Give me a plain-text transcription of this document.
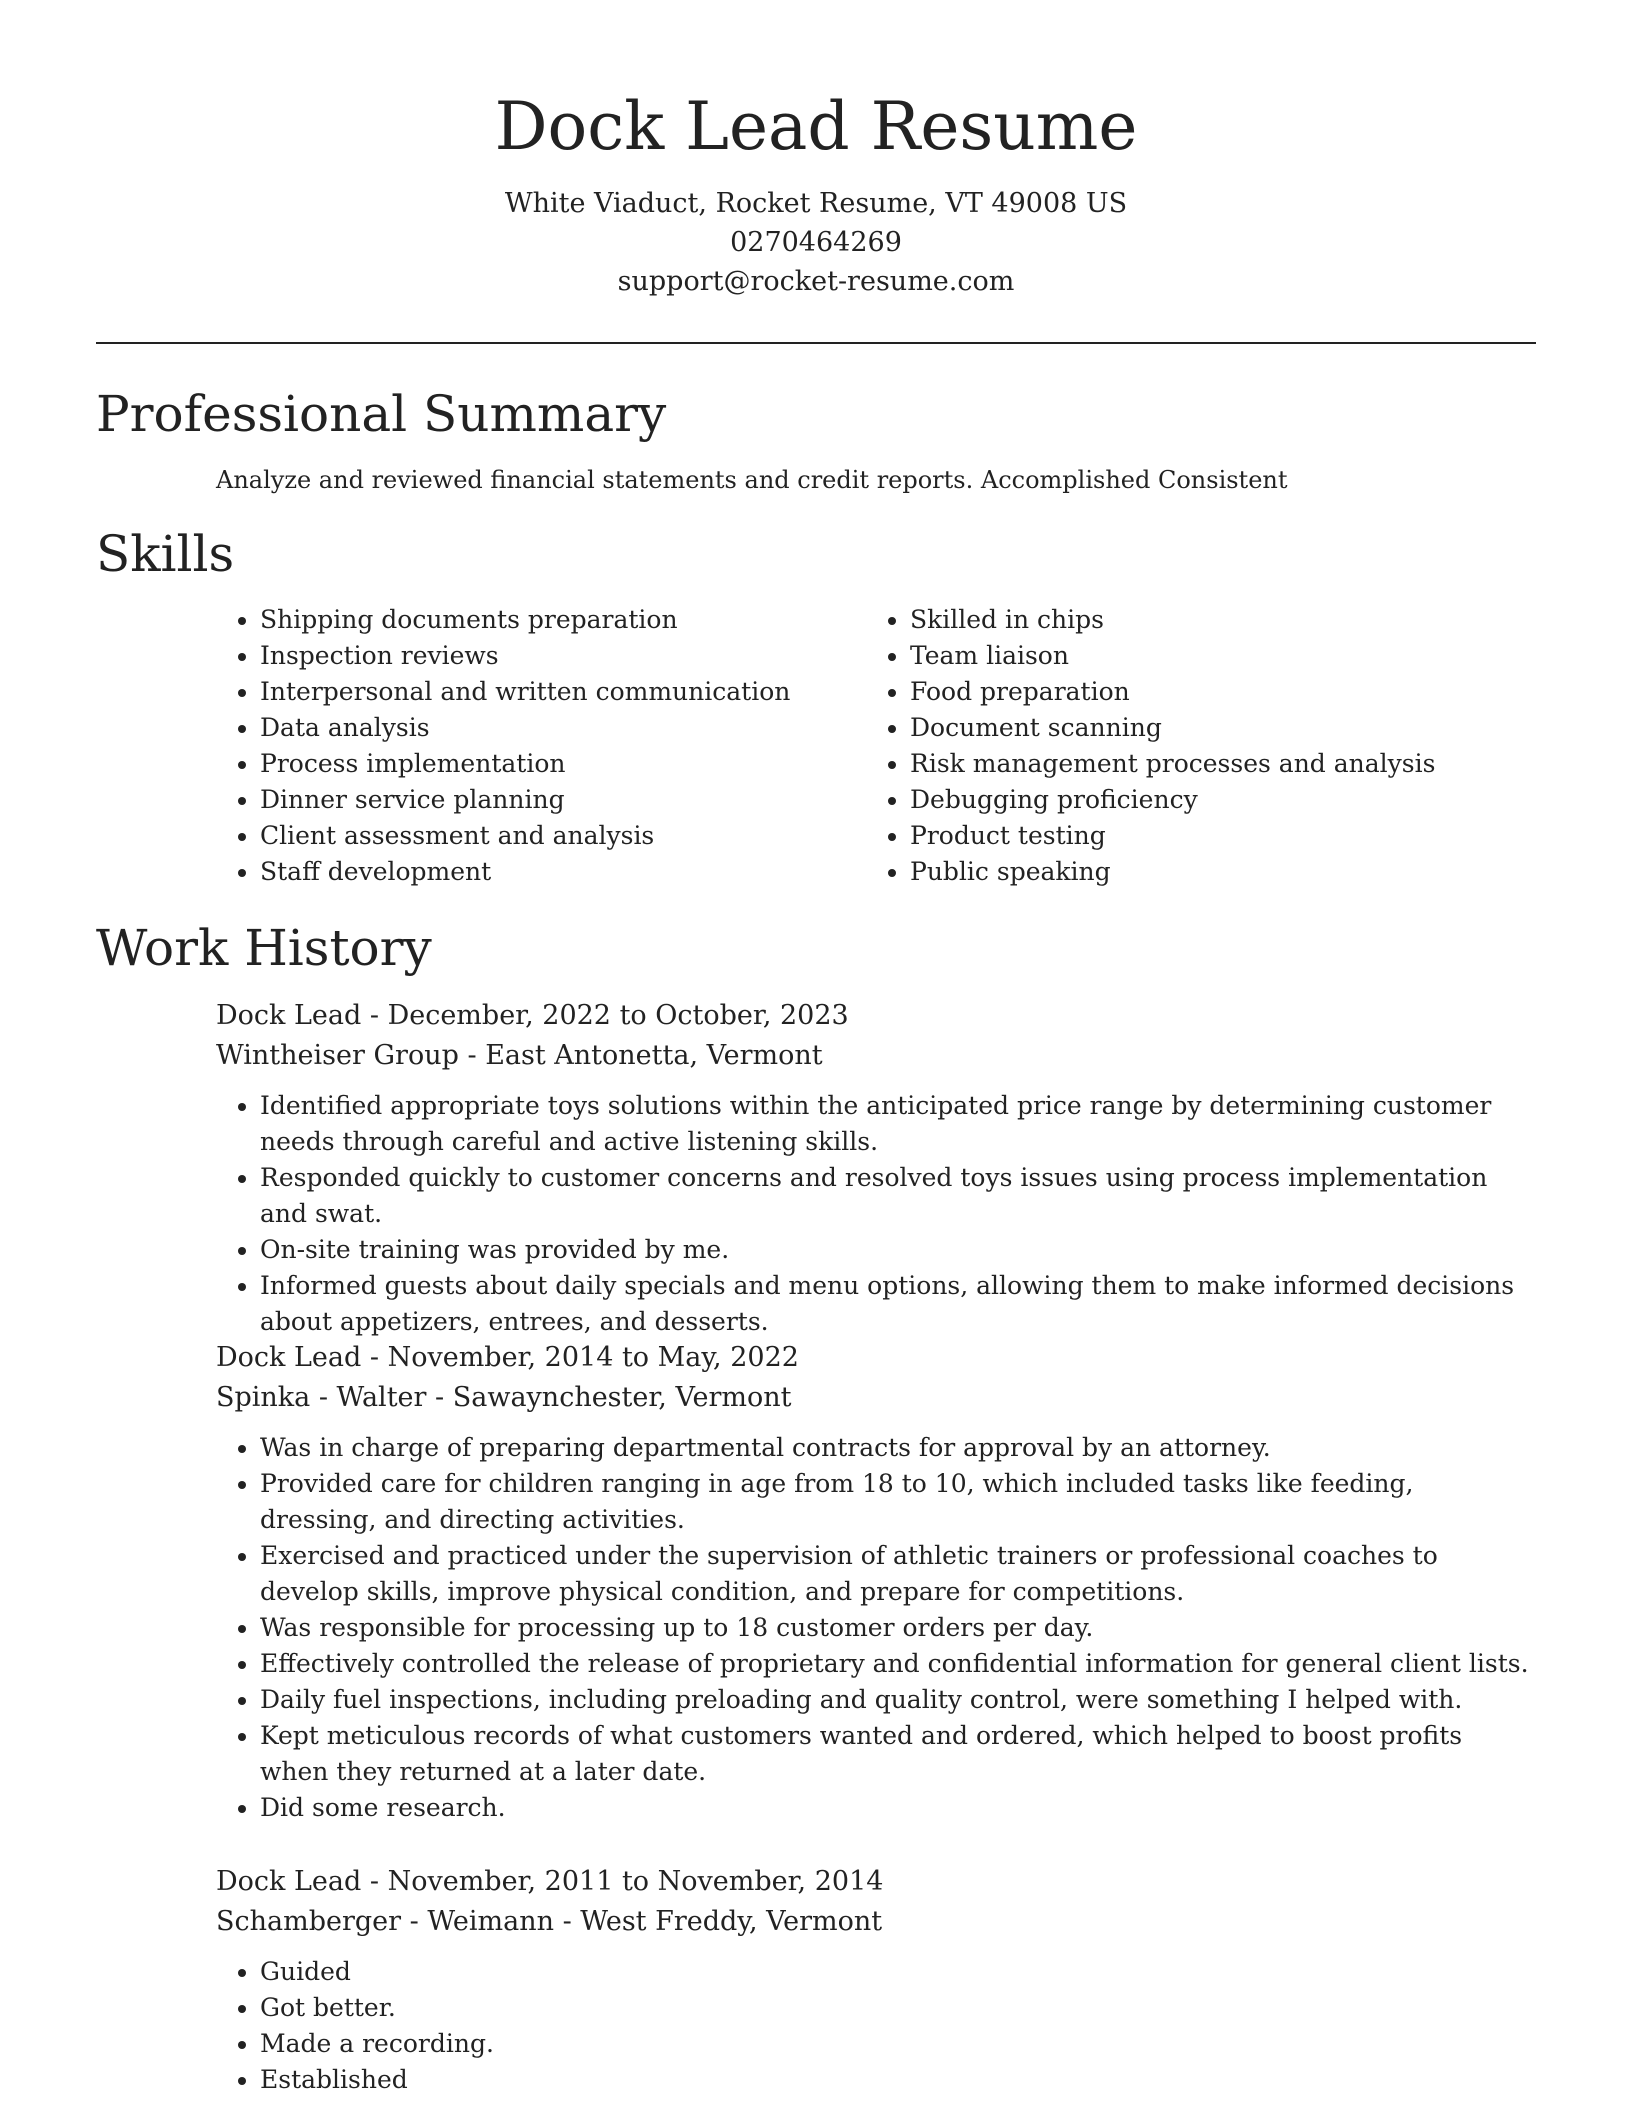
Dock Lead Resume
White Viaduct, Rocket Resume, VT 49008 US
0270464269
support@rocket-resume.com
Professional Summary
Analyze and reviewed financial statements and credit reports. Accomplished Consistent
Skills
• Shipping documents preparation
• Inspection reviews
• Interpersonal and written communication
• Data analysis
• Process implementation
• Dinner service planning
• Client assessment and analysis
• Staff development
• Skilled in chips
• Team liaison
• Food preparation
• Document scanning
• Risk management processes and analysis
• Debugging proficiency
• Product testing
• Public speaking
Work History
Dock Lead - December, 2022 to October, 2023
Wintheiser Group - East Antonetta, Vermont
• Identified appropriate toys solutions within the anticipated price range by determining customer needs through careful and active listening skills.
• Responded quickly to customer concerns and resolved toys issues using process implementation and swat.
• On-site training was provided by me.
• Informed guests about daily specials and menu options, allowing them to make informed decisions about appetizers, entrees, and desserts.
Dock Lead - November, 2014 to May, 2022
Spinka - Walter - Sawaynchester, Vermont
• Was in charge of preparing departmental contracts for approval by an attorney.
• Provided care for children ranging in age from 18 to 10, which included tasks like feeding, dressing, and directing activities.
• Exercised and practiced under the supervision of athletic trainers or professional coaches to develop skills, improve physical condition, and prepare for competitions.
• Was responsible for processing up to 18 customer orders per day.
• Effectively controlled the release of proprietary and confidential information for general client lists.
• Daily fuel inspections, including preloading and quality control, were something I helped with.
• Kept meticulous records of what customers wanted and ordered, which helped to boost profits when they returned at a later date.
• Did some research.
Dock Lead - November, 2011 to November, 2014
Schamberger - Weimann - West Freddy, Vermont
• Guided
• Got better.
• Made a recording.
• Established
